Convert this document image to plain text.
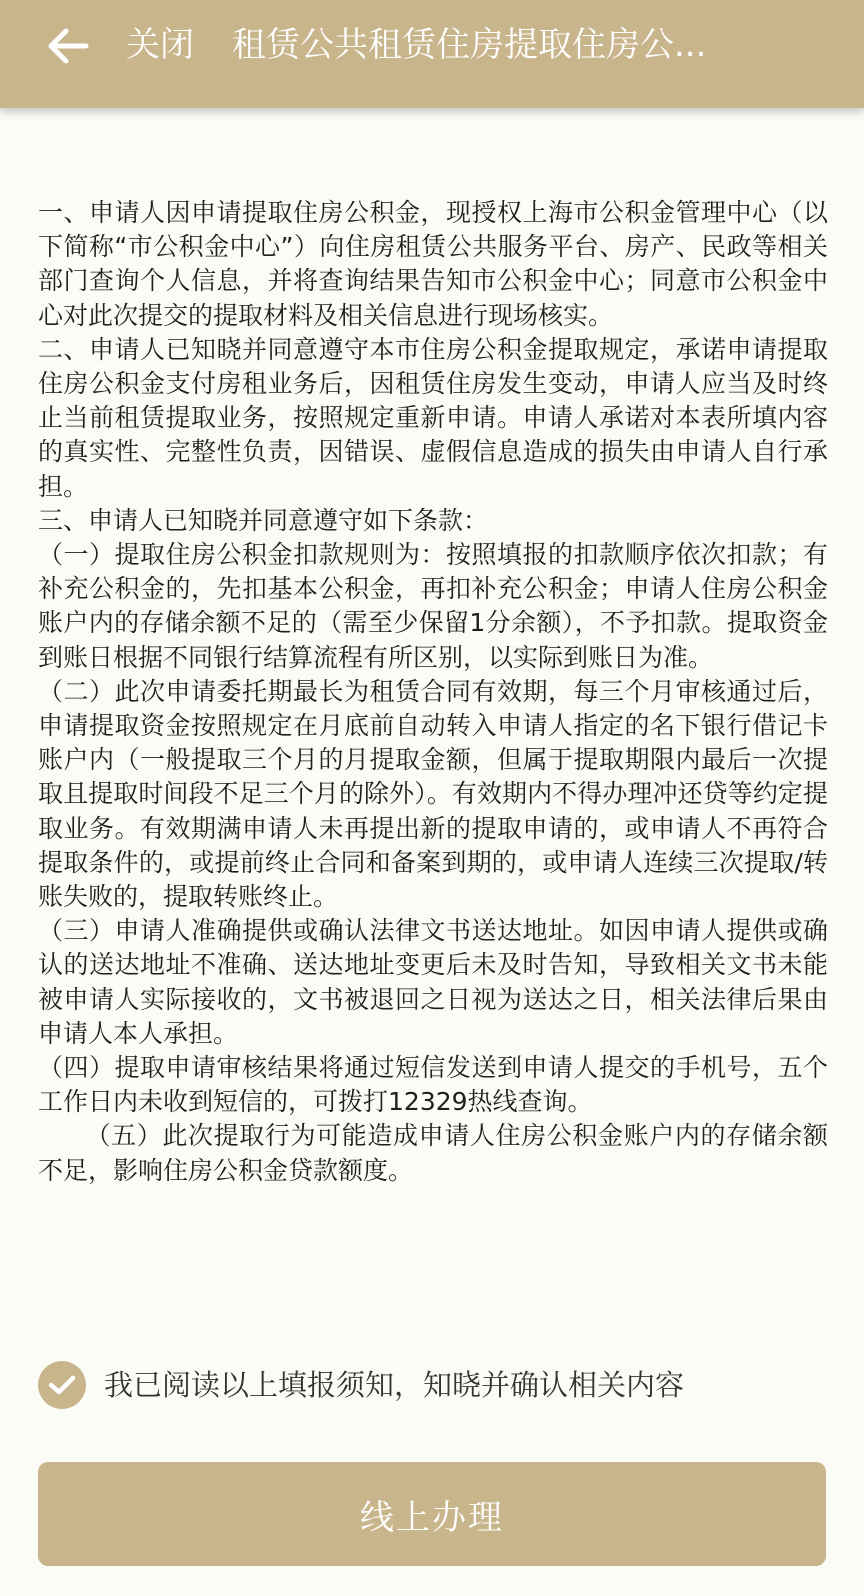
关闭 租赁公共租赁住房提取住房公...

一、申请人因申请提取住房公积金，现授权上海市公积金管理中心（以下简称“市公积金中心”）向住房租赁公共服务平台、房产、民政等相关部门查询个人信息，并将查询结果告知市公积金中心；同意市公积金中心对此次提交的提取材料及相关信息进行现场核实。

二、申请人已知晓并同意遵守本市住房公积金提取规定，承诺申请提取住房公积金支付房租业务后，因租赁住房发生变动，申请人应当及时终止当前租赁提取业务，按照规定重新申请。申请人承诺对本表所填内容的真实性、完整性负责，因错误、虚假信息造成的损失由申请人自行承担。

三、申请人已知晓并同意遵守如下条款：

（一）提取住房公积金扣款规则为：按照填报的扣款顺序依次扣款；有补充公积金的，先扣基本公积金，再扣补充公积金；申请人住房公积金账户内的存储余额不足的（需至少保留1分余额），不予扣款。提取资金到账日根据不同银行结算流程有所区别，以实际到账日为准。

（二）此次申请委托期最长为租赁合同有效期，每三个月审核通过后，申请提取资金按照规定在月底前自动转入申请人指定的名下银行借记卡账户内（一般提取三个月的月提取金额，但属于提取期限内最后一次提取且提取时间段不足三个月的除外）。有效期内不得办理冲还贷等约定提取业务。有效期满申请人未再提出新的提取申请的，或申请人不再符合提取条件的，或提前终止合同和备案到期的，或申请人连续三次提取/转账失败的，提取转账终止。

（三）申请人准确提供或确认法律文书送达地址。如因申请人提供或确认的送达地址不准确、送达地址变更后未及时告知，导致相关文书未能被申请人实际接收的，文书被退回之日视为送达之日，相关法律后果由申请人本人承担。

（四）提取申请审核结果将通过短信发送到申请人提交的手机号，五个工作日内未收到短信的，可拨打12329热线查询。

（五）此次提取行为可能造成申请人住房公积金账户内的存储余额不足，影响住房公积金贷款额度。

我已阅读以上填报须知，知晓并确认相关内容
线上办理
